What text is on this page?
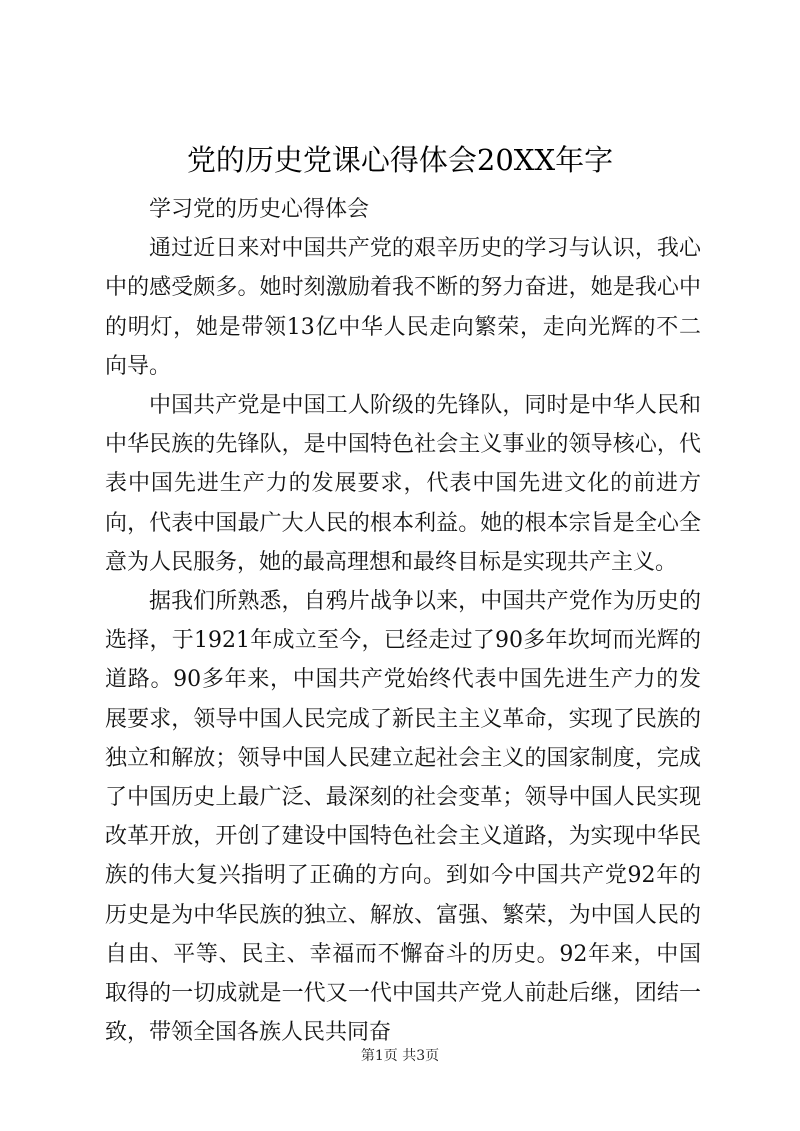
党的历史党课心得体会20XX年字

学习党的历史心得体会

通过近日来对中国共产党的艰辛历史的学习与认识，我心中的感受颇多。她时刻激励着我不断的努力奋进，她是我心中的明灯，她是带领13亿中华人民走向繁荣，走向光辉的不二向导。

中国共产党是中国工人阶级的先锋队，同时是中华人民和中华民族的先锋队，是中国特色社会主义事业的领导核心，代表中国先进生产力的发展要求，代表中国先进文化的前进方向，代表中国最广大人民的根本利益。她的根本宗旨是全心全意为人民服务，她的最高理想和最终目标是实现共产主义。

据我们所熟悉，自鸦片战争以来，中国共产党作为历史的选择，于1921年成立至今，已经走过了90多年坎坷而光辉的道路。90多年来，中国共产党始终代表中国先进生产力的发展要求，领导中国人民完成了新民主主义革命，实现了民族的独立和解放；领导中国人民建立起社会主义的国家制度，完成了中国历史上最广泛、最深刻的社会变革；领导中国人民实现改革开放，开创了建设中国特色社会主义道路，为实现中华民族的伟大复兴指明了正确的方向。到如今中国共产党92年的历史是为中华民族的独立、解放、富强、繁荣，为中国人民的自由、平等、民主、幸福而不懈奋斗的历史。92年来，中国取得的一切成就是一代又一代中国共产党人前赴后继，团结一致，带领全国各族人民共同奋

第1页 共3页
